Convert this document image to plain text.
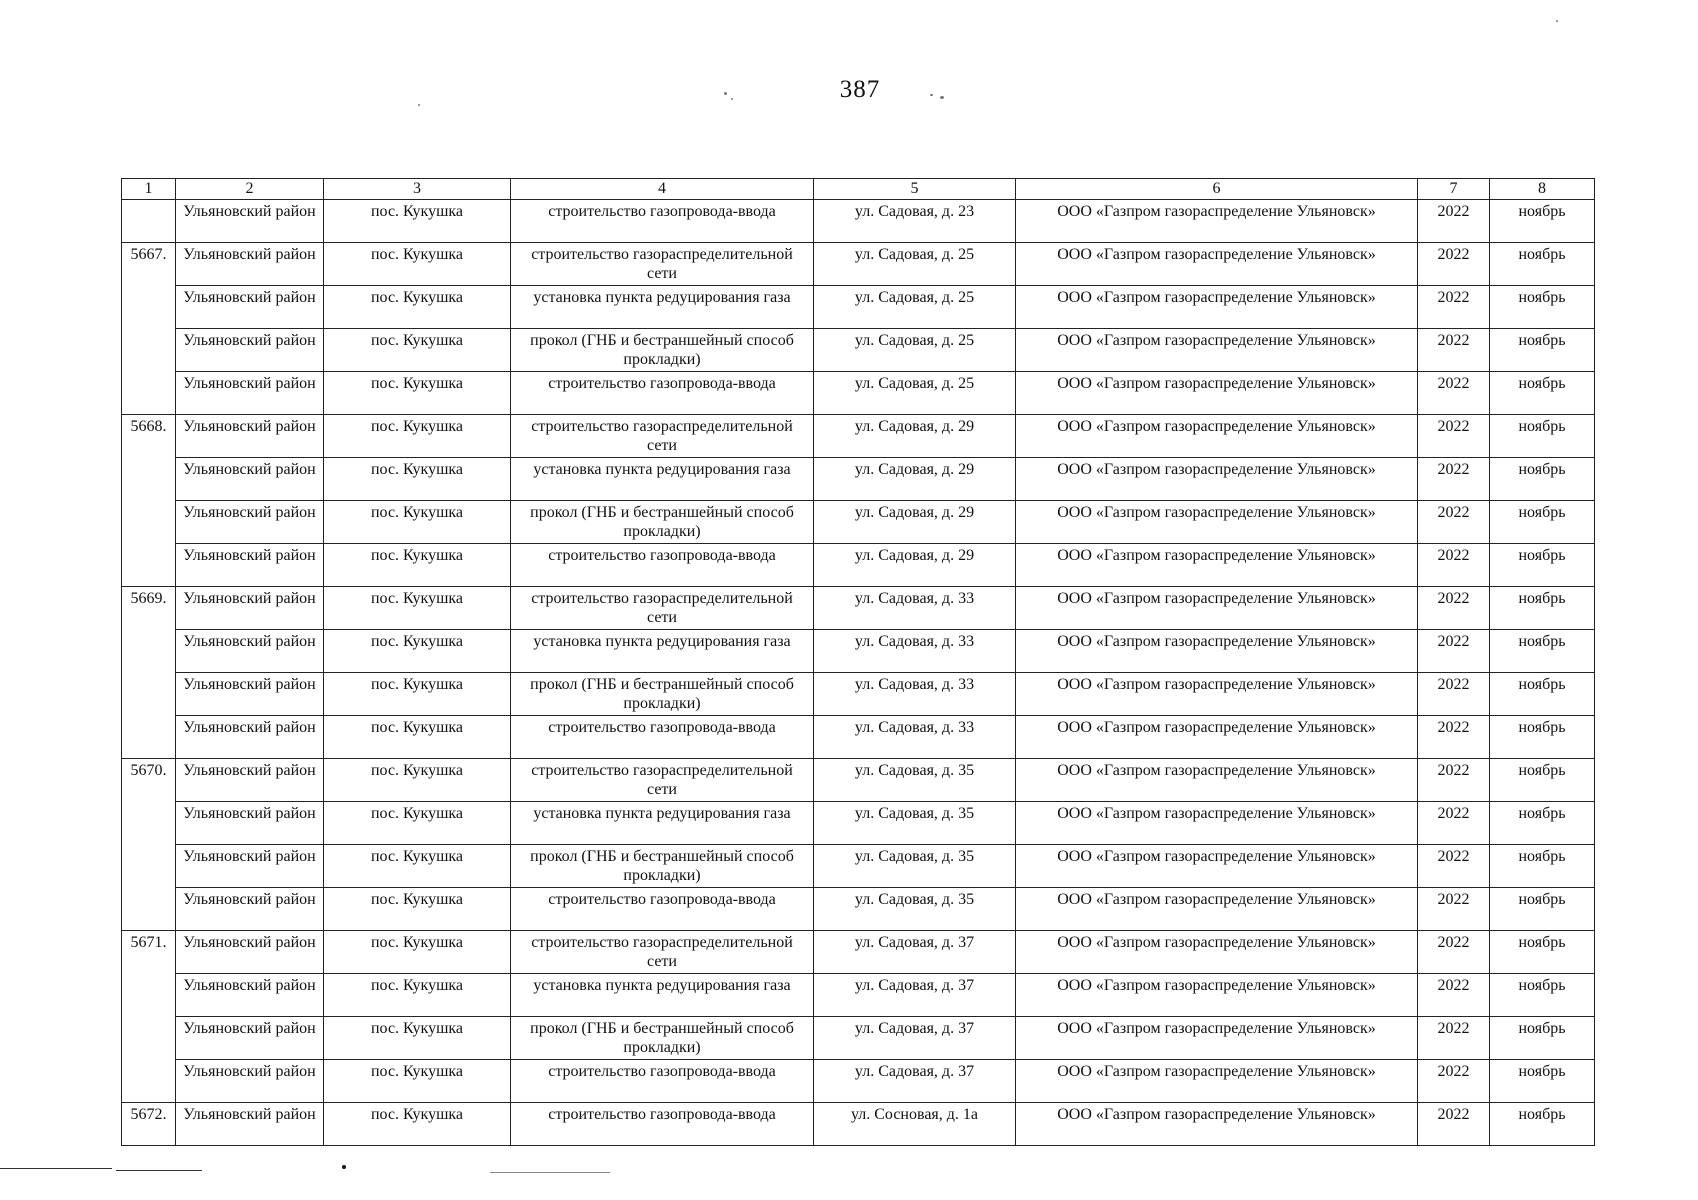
387
1	2	3	4	5	6	7	8
	Ульяновский район	пос. Кукушка	строительство газопровода-ввода	ул. Садовая, д. 23	ООО «Газпром газораспределение Ульяновск»	2022	ноябрь
5667.	Ульяновский район	пос. Кукушка	строительство газораспределительной сети	ул. Садовая, д. 25	ООО «Газпром газораспределение Ульяновск»	2022	ноябрь
	Ульяновский район	пос. Кукушка	установка пункта редуцирования газа	ул. Садовая, д. 25	ООО «Газпром газораспределение Ульяновск»	2022	ноябрь
	Ульяновский район	пос. Кукушка	прокол (ГНБ и бестраншейный способ прокладки)	ул. Садовая, д. 25	ООО «Газпром газораспределение Ульяновск»	2022	ноябрь
	Ульяновский район	пос. Кукушка	строительство газопровода-ввода	ул. Садовая, д. 25	ООО «Газпром газораспределение Ульяновск»	2022	ноябрь
5668.	Ульяновский район	пос. Кукушка	строительство газораспределительной сети	ул. Садовая, д. 29	ООО «Газпром газораспределение Ульяновск»	2022	ноябрь
	Ульяновский район	пос. Кукушка	установка пункта редуцирования газа	ул. Садовая, д. 29	ООО «Газпром газораспределение Ульяновск»	2022	ноябрь
	Ульяновский район	пос. Кукушка	прокол (ГНБ и бестраншейный способ прокладки)	ул. Садовая, д. 29	ООО «Газпром газораспределение Ульяновск»	2022	ноябрь
	Ульяновский район	пос. Кукушка	строительство газопровода-ввода	ул. Садовая, д. 29	ООО «Газпром газораспределение Ульяновск»	2022	ноябрь
5669.	Ульяновский район	пос. Кукушка	строительство газораспределительной сети	ул. Садовая, д. 33	ООО «Газпром газораспределение Ульяновск»	2022	ноябрь
	Ульяновский район	пос. Кукушка	установка пункта редуцирования газа	ул. Садовая, д. 33	ООО «Газпром газораспределение Ульяновск»	2022	ноябрь
	Ульяновский район	пос. Кукушка	прокол (ГНБ и бестраншейный способ прокладки)	ул. Садовая, д. 33	ООО «Газпром газораспределение Ульяновск»	2022	ноябрь
	Ульяновский район	пос. Кукушка	строительство газопровода-ввода	ул. Садовая, д. 33	ООО «Газпром газораспределение Ульяновск»	2022	ноябрь
5670.	Ульяновский район	пос. Кукушка	строительство газораспределительной сети	ул. Садовая, д. 35	ООО «Газпром газораспределение Ульяновск»	2022	ноябрь
	Ульяновский район	пос. Кукушка	установка пункта редуцирования газа	ул. Садовая, д. 35	ООО «Газпром газораспределение Ульяновск»	2022	ноябрь
	Ульяновский район	пос. Кукушка	прокол (ГНБ и бестраншейный способ прокладки)	ул. Садовая, д. 35	ООО «Газпром газораспределение Ульяновск»	2022	ноябрь
	Ульяновский район	пос. Кукушка	строительство газопровода-ввода	ул. Садовая, д. 35	ООО «Газпром газораспределение Ульяновск»	2022	ноябрь
5671.	Ульяновский район	пос. Кукушка	строительство газораспределительной сети	ул. Садовая, д. 37	ООО «Газпром газораспределение Ульяновск»	2022	ноябрь
	Ульяновский район	пос. Кукушка	установка пункта редуцирования газа	ул. Садовая, д. 37	ООО «Газпром газораспределение Ульяновск»	2022	ноябрь
	Ульяновский район	пос. Кукушка	прокол (ГНБ и бестраншейный способ прокладки)	ул. Садовая, д. 37	ООО «Газпром газораспределение Ульяновск»	2022	ноябрь
	Ульяновский район	пос. Кукушка	строительство газопровода-ввода	ул. Садовая, д. 37	ООО «Газпром газораспределение Ульяновск»	2022	ноябрь
5672.	Ульяновский район	пос. Кукушка	строительство газопровода-ввода	ул. Сосновая, д. 1а	ООО «Газпром газораспределение Ульяновск»	2022	ноябрь
